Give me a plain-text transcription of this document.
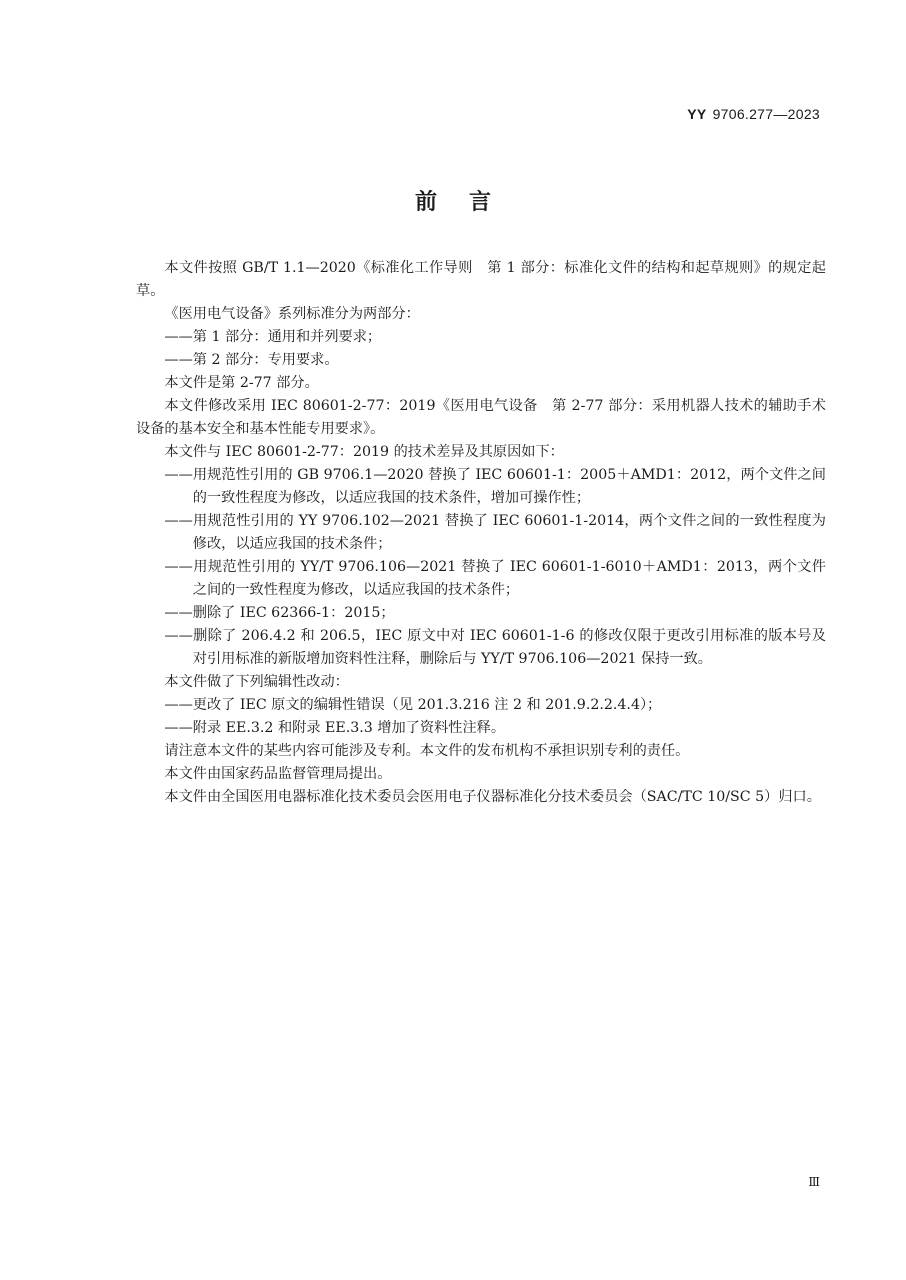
YY 9706.277—2023
前言

本文件按照 GB/T 1.1—2020《标准化工作导则　第 1 部分：标准化文件的结构和起草规则》的规定起草。

《医用电气设备》系列标准分为两部分：

——第 1 部分：通用和并列要求；

——第 2 部分：专用要求。

本文件是第 2-77 部分。

本文件修改采用 IEC 80601-2-77：2019《医用电气设备　第 2-77 部分：采用机器人技术的辅助手术设备的基本安全和基本性能专用要求》。

本文件与 IEC 80601-2-77：2019 的技术差异及其原因如下：

——用规范性引用的 GB 9706.1—2020 替换了 IEC 60601-1：2005＋AMD1：2012，两个文件之间的一致性程度为修改，以适应我国的技术条件，增加可操作性；

——用规范性引用的 YY 9706.102—2021 替换了 IEC 60601-1-2014，两个文件之间的一致性程度为修改，以适应我国的技术条件；

——用规范性引用的 YY/T 9706.106—2021 替换了 IEC 60601-1-6010＋AMD1：2013，两个文件之间的一致性程度为修改，以适应我国的技术条件；

——删除了 IEC 62366-1：2015；

——删除了 206.4.2 和 206.5，IEC 原文中对 IEC 60601-1-6 的修改仅限于更改引用标准的版本号及对引用标准的新版增加资料性注释，删除后与 YY/T 9706.106—2021 保持一致。

本文件做了下列编辑性改动：

——更改了 IEC 原文的编辑性错误（见 201.3.216 注 2 和 201.9.2.2.4.4）；

——附录 EE.3.2 和附录 EE.3.3 增加了资料性注释。

请注意本文件的某些内容可能涉及专利。本文件的发布机构不承担识别专利的责任。

本文件由国家药品监督管理局提出。

本文件由全国医用电器标准化技术委员会医用电子仪器标准化分技术委员会（SAC/TC 10/SC 5）归口。

Ⅲ
